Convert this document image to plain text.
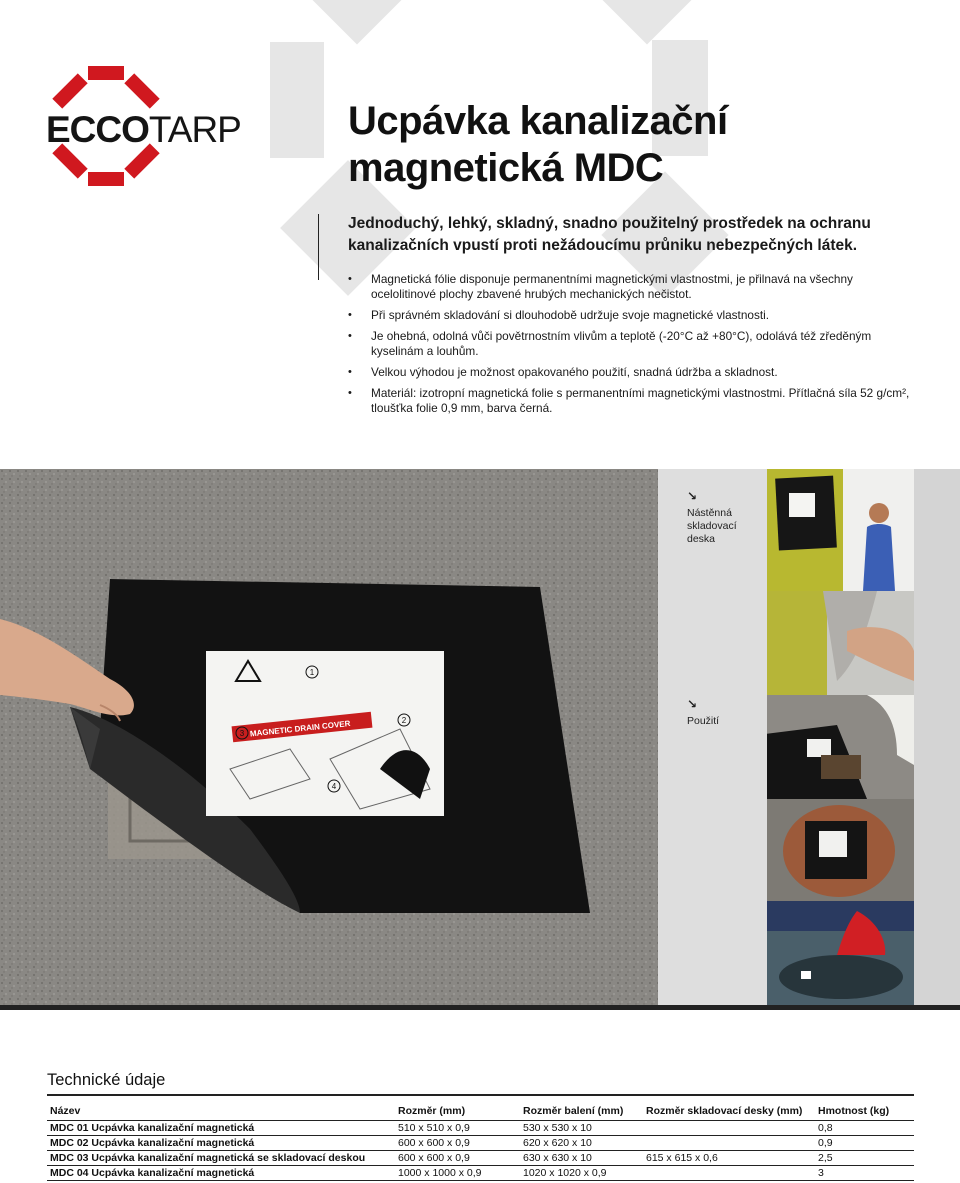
ECCOTARP	Ucpávka kanalizační
magnetická MDC

Jednoduchý, lehký, skladný, snadno použitelný prostředek na ochranu kanalizačních vpustí proti nežádoucímu průniku nebezpečných látek.

• Magnetická fólie disponuje permanentními magnetickými vlastnostmi, je přilnavá na všechny ocelolitinové plochy zbavené hrubých mechanických nečistot.
• Při správném skladování si dlouhodobě udržuje svoje magnetické vlastnosti.
• Je ohebná, odolná vůči povětrnostním vlivům a teplotě (-20°C až +80°C), odolává též zředěným kyselinám a louhům.
• Velkou výhodou je možnost opakovaného použití, snadná údržba a skladnost.
• Materiál: izotropní magnetická folie s permanentními magnetickými vlastnostmi. Přítlačná síla 52 g/cm², tloušťka folie 0,9 mm, barva černá.
MAGNETIC DRAIN COVER
1
2
3
4
↘
Nástěnná skladovací deska
↘
Použití
Technické údaje
Název	Rozměr (mm)	Rozměr balení (mm)	Rozměr skladovací desky (mm)	Hmotnost (kg)
MDC 01 Ucpávka kanalizační magnetická	510 x 510 x 0,9	530 x 530 x 10		0,8
MDC 02 Ucpávka kanalizační magnetická	600 x 600 x 0,9	620 x 620 x 10		0,9
MDC 03 Ucpávka kanalizační magnetická se skladovací deskou	600 x 600 x 0,9	630 x 630 x 10	615 x 615 x 0,6	2,5
MDC 04 Ucpávka kanalizační magnetická	1000 x 1000 x 0,9	1020 x 1020 x 0,9		3
